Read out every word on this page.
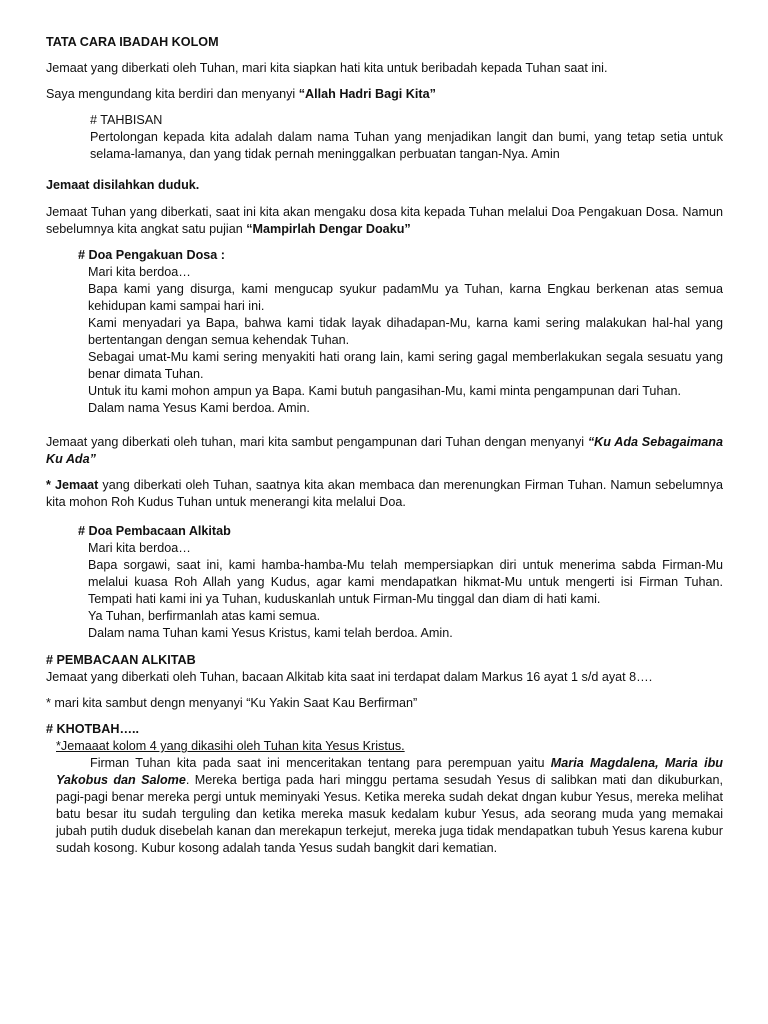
TATA CARA IBADAH KOLOM

Jemaat yang diberkati oleh Tuhan, mari kita siapkan hati kita untuk beribadah kepada Tuhan saat ini.

Saya mengundang kita berdiri dan menyanyi “Allah Hadri Bagi Kita”

# TAHBISAN

Pertolongan kepada kita adalah dalam nama Tuhan yang menjadikan langit dan bumi, yang tetap setia untuk selama-lamanya, dan yang tidak pernah meninggalkan perbuatan tangan-Nya. Amin

Jemaat disilahkan duduk.

Jemaat Tuhan yang diberkati, saat ini kita akan mengaku dosa kita kepada Tuhan melalui Doa Pengakuan Dosa. Namun sebelumnya kita angkat satu pujian “Mampirlah Dengar Doaku”

# Doa Pengakuan Dosa :

Mari kita berdoa…

Bapa kami yang disurga, kami mengucap syukur padamMu ya Tuhan, karna Engkau berkenan atas semua kehidupan kami sampai hari ini.

Kami menyadari ya Bapa, bahwa kami tidak layak dihadapan-Mu, karna kami sering malakukan hal-hal yang bertentangan dengan semua kehendak Tuhan.

Sebagai umat-Mu kami sering menyakiti hati orang lain, kami sering gagal memberlakukan segala sesuatu yang benar dimata Tuhan.

Untuk itu kami mohon ampun ya Bapa. Kami butuh pangasihan-Mu, kami minta pengampunan dari Tuhan.

Dalam nama Yesus Kami berdoa. Amin.

Jemaat yang diberkati oleh tuhan, mari kita sambut pengampunan dari Tuhan dengan menyanyi “Ku Ada Sebagaimana Ku Ada”

* Jemaat yang diberkati oleh Tuhan, saatnya kita akan membaca dan merenungkan Firman Tuhan. Namun sebelumnya kita mohon Roh Kudus Tuhan untuk menerangi kita melalui Doa.

# Doa Pembacaan Alkitab

Mari kita berdoa…

Bapa sorgawi, saat ini, kami hamba-hamba-Mu telah mempersiapkan diri untuk menerima sabda Firman-Mu melalui kuasa Roh Allah yang Kudus, agar kami mendapatkan hikmat-Mu untuk mengerti isi Firman Tuhan. Tempati hati kami ini ya Tuhan, kuduskanlah untuk Firman-Mu tinggal dan diam di hati kami.

Ya Tuhan, berfirmanlah atas kami semua.

Dalam nama Tuhan kami Yesus Kristus, kami telah berdoa. Amin.

# PEMBACAAN ALKITAB

Jemaat yang diberkati oleh Tuhan, bacaan Alkitab kita saat ini terdapat dalam Markus 16 ayat 1 s/d ayat 8….

* mari kita sambut dengn menyanyi “Ku Yakin Saat Kau Berfirman”

# KHOTBAH…..

*Jemaaat kolom 4 yang dikasihi oleh Tuhan kita Yesus Kristus.

Firman Tuhan kita pada saat ini menceritakan tentang para perempuan yaitu Maria Magdalena, Maria ibu Yakobus dan Salome. Mereka bertiga pada hari minggu pertama sesudah Yesus di salibkan mati dan dikuburkan, pagi-pagi benar mereka pergi untuk meminyaki Yesus. Ketika mereka sudah dekat dngan kubur Yesus, mereka melihat batu besar itu sudah terguling dan ketika mereka masuk kedalam kubur Yesus, ada seorang muda yang memakai jubah putih duduk disebelah kanan dan merekapun terkejut, mereka juga tidak mendapatkan tubuh Yesus karena kubur sudah kosong. Kubur kosong adalah tanda Yesus sudah bangkit dari kematian.
